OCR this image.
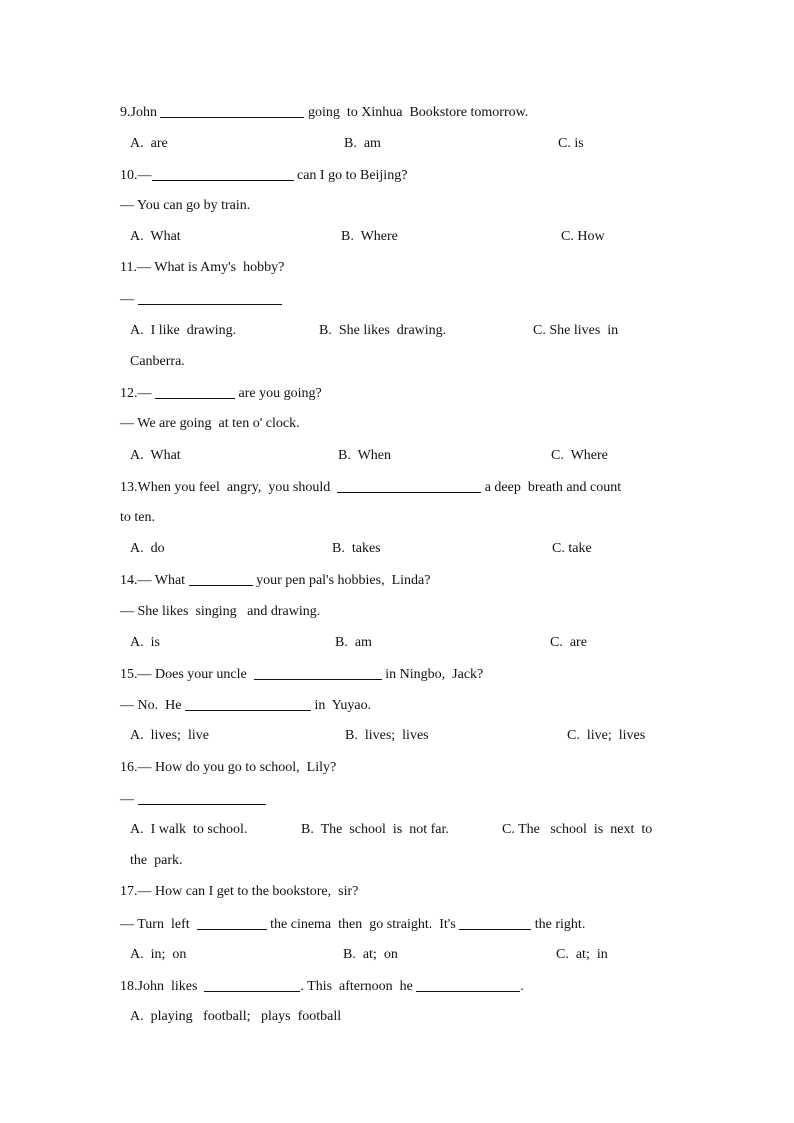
9.John	going  to Xinhua  Bookstore tomorrow.
A.  are	B.  am	C. is
10.—	can I go to Beijing?
— You can go by train.
A.  What	B.  Where	C. How
11.— What is Amy's  hobby?
—
A.  I like  drawing.	B.  She likes  drawing.	C. She lives  in
Canberra.
12.—	are you going?
— We are going  at ten o' clock.
A.  What	B.  When	C.  Where
13.When you feel  angry,  you should	a deep  breath and count
to ten.
A.  do	B.  takes	C. take
14.— What	your pen pal's hobbies,  Linda?
— She likes  singing   and drawing.
A.  is	B.  am	C.  are
15.— Does your uncle	in Ningbo,  Jack?
— No.  He	in  Yuyao.
A.  lives;  live	B.  lives;  lives	C.  live;  lives
16.— How do you go to school,  Lily?
—
A.  I walk  to school.	B.  The  school  is  not far.	C. The   school  is  next  to
the  park.
17.— How can I get to the bookstore,  sir?
— Turn  left	the cinema  then  go straight.  It's	the right.
A.  in;  on	B.  at;  on	C.  at;  in
18.John  likes	. This  afternoon  he	.
A.  playing   football;   plays  football
